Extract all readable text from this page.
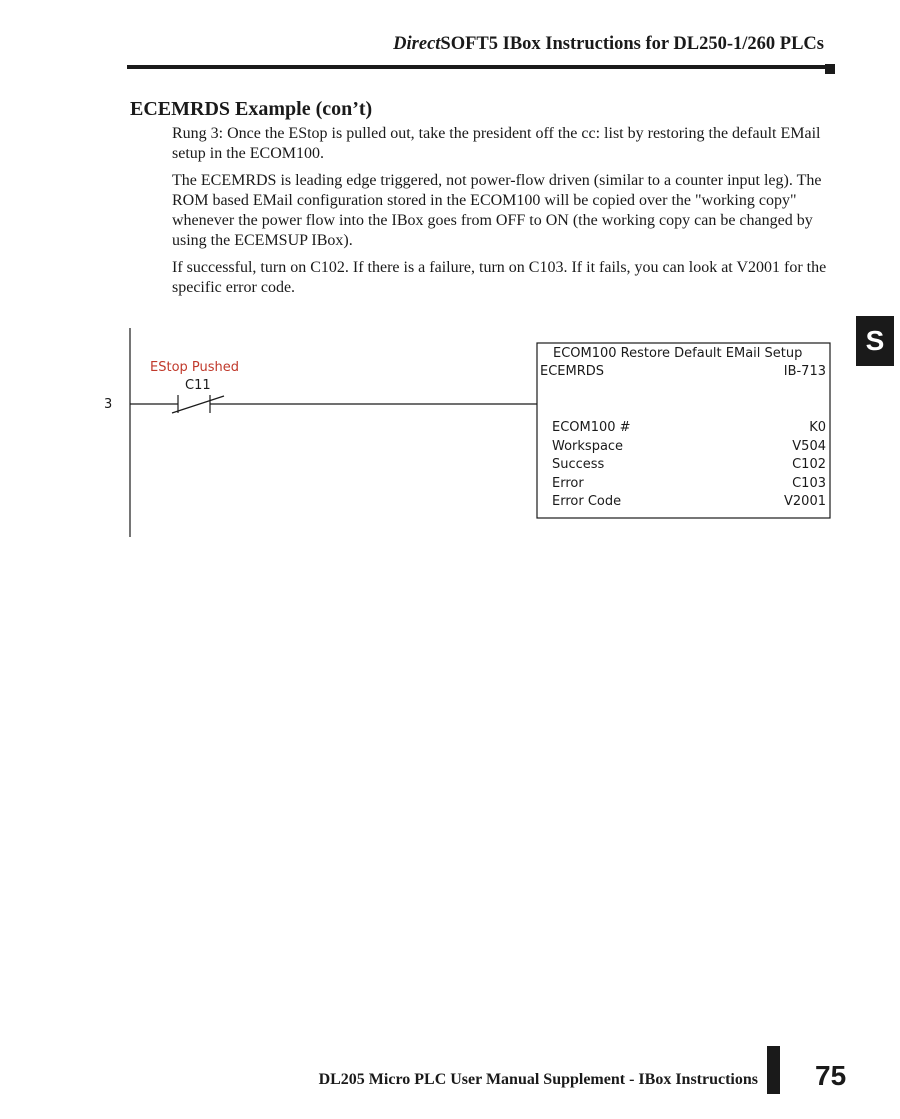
DirectSOFT5 IBox Instructions for DL250-1/260 PLCs
ECEMRDS Example (con’t)
Rung 3: Once the EStop is pulled out, take the president off the cc: list by restoring the default EMail setup in the ECOM100.
The ECEMRDS is leading edge triggered, not power-flow driven (similar to a counter input leg). The ROM based EMail configuration stored in the ECOM100 will be copied over the "working copy" whenever the power flow into the IBox goes from OFF to ON (the working copy can be changed by using the ECEMSUP IBox).
If successful, turn on C102. If there is a failure, turn on C103. If it fails, you can look at V2001 for the specific error code.
S
3
EStop Pushed
C11
ECOM100 Restore Default EMail Setup
ECEMRDS	IB-713
ECOM100 #	K0
Workspace	V504
Success	C102
Error	C103
Error Code	V2001
DL205 Micro PLC User Manual Supplement - IBox Instructions 75
